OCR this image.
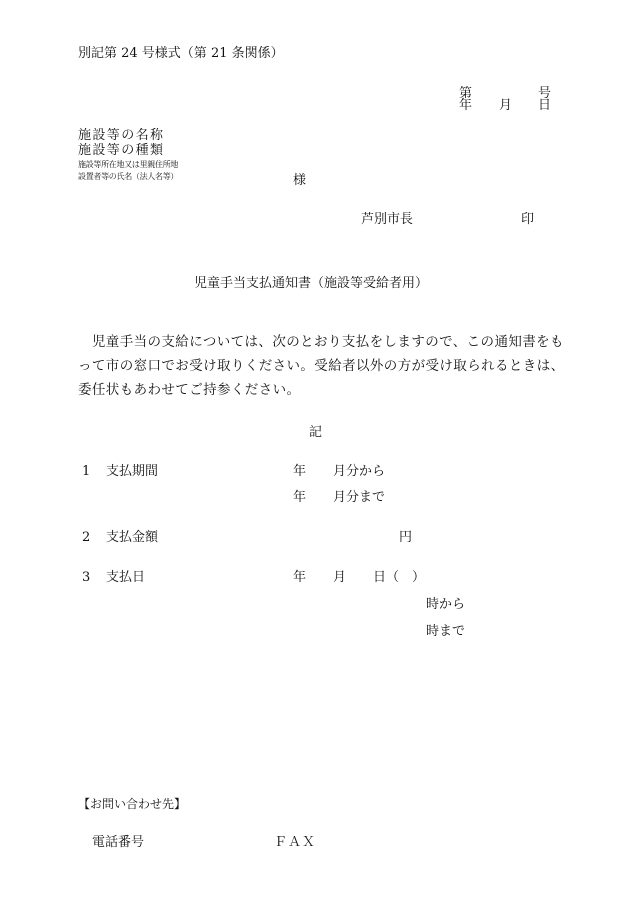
別記第 24 号様式（第 21 条関係）
第	号
年 月 日
施設等の名称
施設等の種類
施設等所在地又は里親住所地
設置者等の氏名（法人名等）	様
芦別市長	印
児童手当支払通知書（施設等受給者用）
　児童手当の支給については、次のとおり支払をしますので、この通知書をも
って市の窓口でお受け取りください。受給者以外の方が受け取られるときは、
委任状もあわせてご持参ください。
記
1 支払期間	年 月分から
年 月分まで
2 支払金額	円
3 支払日	年 月 日（　）
時から
時まで
【お問い合わせ先】
電話番号	ＦＡＸ
